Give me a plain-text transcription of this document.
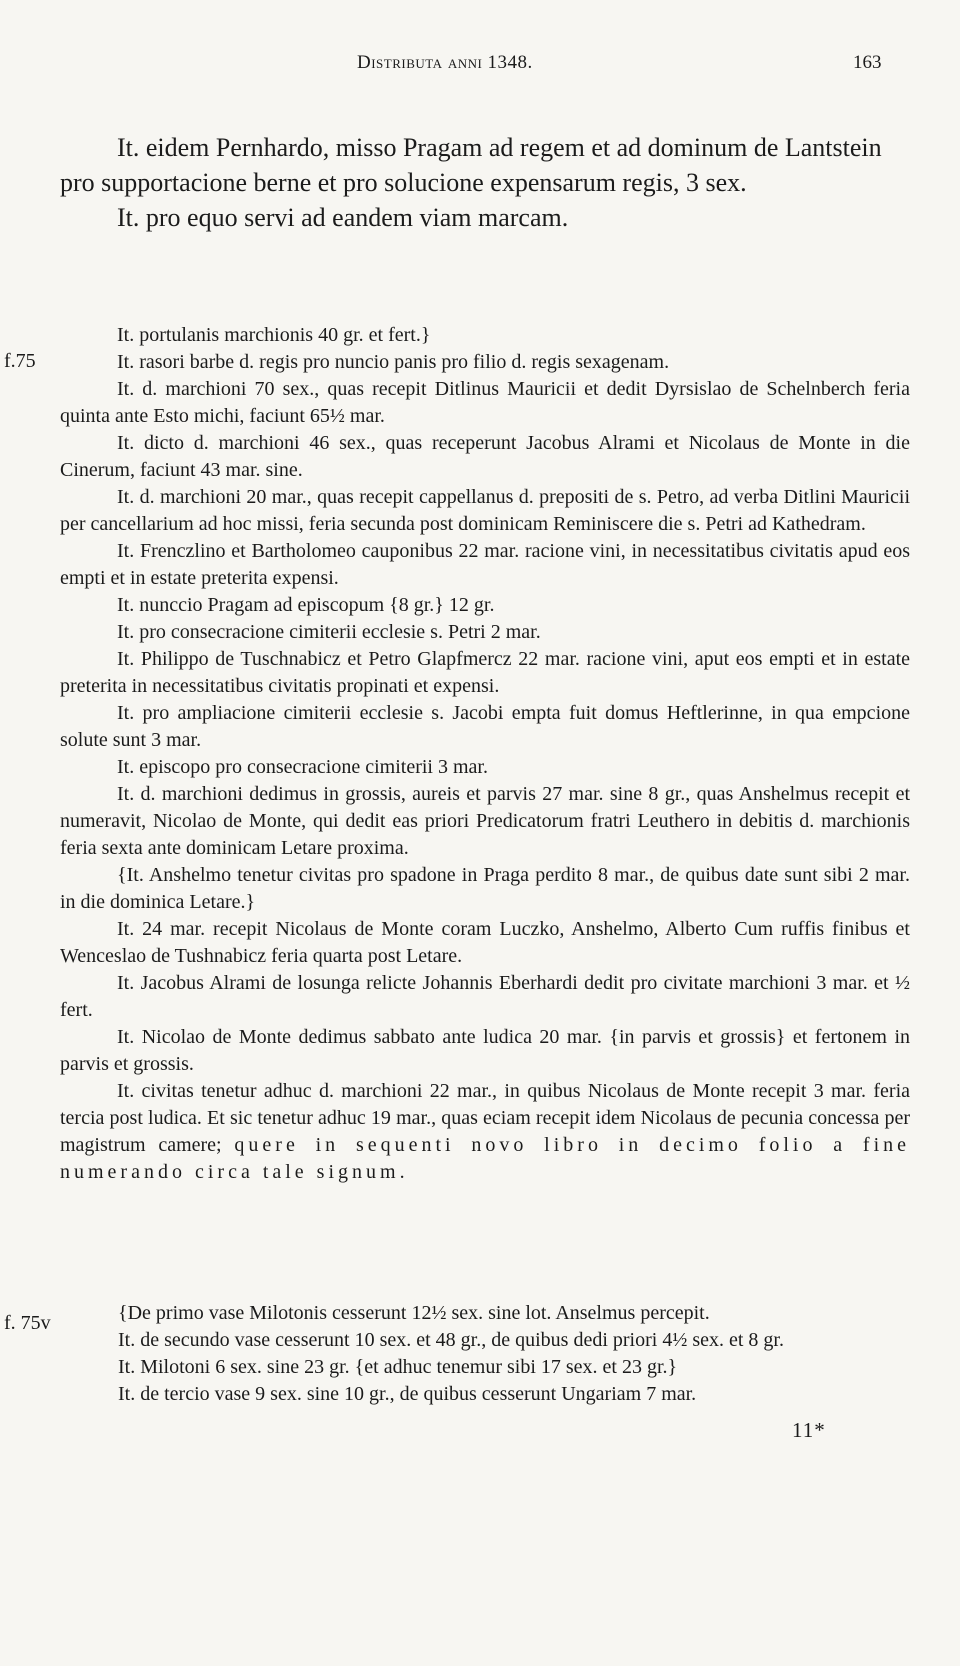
Distributa anni 1348.	163
f.75
f. 75v

It. eidem Pernhardo, misso Pragam ad regem et ad dominum de Lantstein pro supportacione berne et pro solucione expensarum regis, 3 sex.

It. pro equo servi ad eandem viam marcam.

It. portulanis marchionis 40 gr. et fert.}

It. rasori barbe d. regis pro nuncio panis pro filio d. regis sexagenam.

It. d. marchioni 70 sex., quas recepit Ditlinus Mauricii et dedit Dyrsislao de Schelnberch feria quinta ante Esto michi, faciunt 65½ mar.

It. dicto d. marchioni 46 sex., quas receperunt Jacobus Alrami et Nicolaus de Monte in die Cinerum, faciunt 43 mar. sine.

It. d. marchioni 20 mar., quas recepit cappellanus d. prepositi de s. Petro, ad verba Ditlini Mauricii per cancellarium ad hoc missi, feria secunda post dominicam Reminiscere die s. Petri ad Kathedram.

It. Frenczlino et Bartholomeo cauponibus 22 mar. racione vini, in necessitatibus civitatis apud eos empti et in estate preterita expensi.

It. nunccio Pragam ad episcopum {8 gr.} 12 gr.

It. pro consecracione cimiterii ecclesie s. Petri 2 mar.

It. Philippo de Tuschnabicz et Petro Glapfmercz 22 mar. racione vini, aput eos empti et in estate preterita in necessitatibus civitatis propinati et expensi.

It. pro ampliacione cimiterii ecclesie s. Jacobi empta fuit domus Heftlerinne, in qua empcione solute sunt 3 mar.

It. episcopo pro consecracione cimiterii 3 mar.

It. d. marchioni dedimus in grossis, aureis et parvis 27 mar. sine 8 gr., quas Anshelmus recepit et numeravit, Nicolao de Monte, qui dedit eas priori Predicatorum fratri Leuthero in debitis d. marchionis feria sexta ante dominicam Letare proxima.

{It. Anshelmo tenetur civitas pro spadone in Praga perdito 8 mar., de quibus date sunt sibi 2 mar. in die dominica Letare.}

It. 24 mar. recepit Nicolaus de Monte coram Luczko, Anshelmo, Alberto Cum ruffis finibus et Wenceslao de Tushnabicz feria quarta post Letare.

It. Jacobus Alrami de losunga relicte Johannis Eberhardi dedit pro civitate marchioni 3 mar. et ½ fert.

It. Nicolao de Monte dedimus sabbato ante ludica 20 mar. {in parvis et grossis} et fertonem in parvis et grossis.

It. civitas tenetur adhuc d. marchioni 22 mar., in quibus Nicolaus de Monte recepit 3 mar. feria tercia post ludica. Et sic tenetur adhuc 19 mar., quas eciam recepit idem Nicolaus de pecunia concessa per magistrum camere; quere in sequenti novo libro in decimo folio a fine numerando circa tale signum.

{De primo vase Milotonis cesserunt 12½ sex. sine lot. Anselmus percepit.

It. de secundo vase cesserunt 10 sex. et 48 gr., de quibus dedi priori 4½ sex. et 8 gr.

It. Milotoni 6 sex. sine 23 gr. {et adhuc tenemur sibi 17 sex. et 23 gr.}

It. de tercio vase 9 sex. sine 10 gr., de quibus cesserunt Ungariam 7 mar.

11*
